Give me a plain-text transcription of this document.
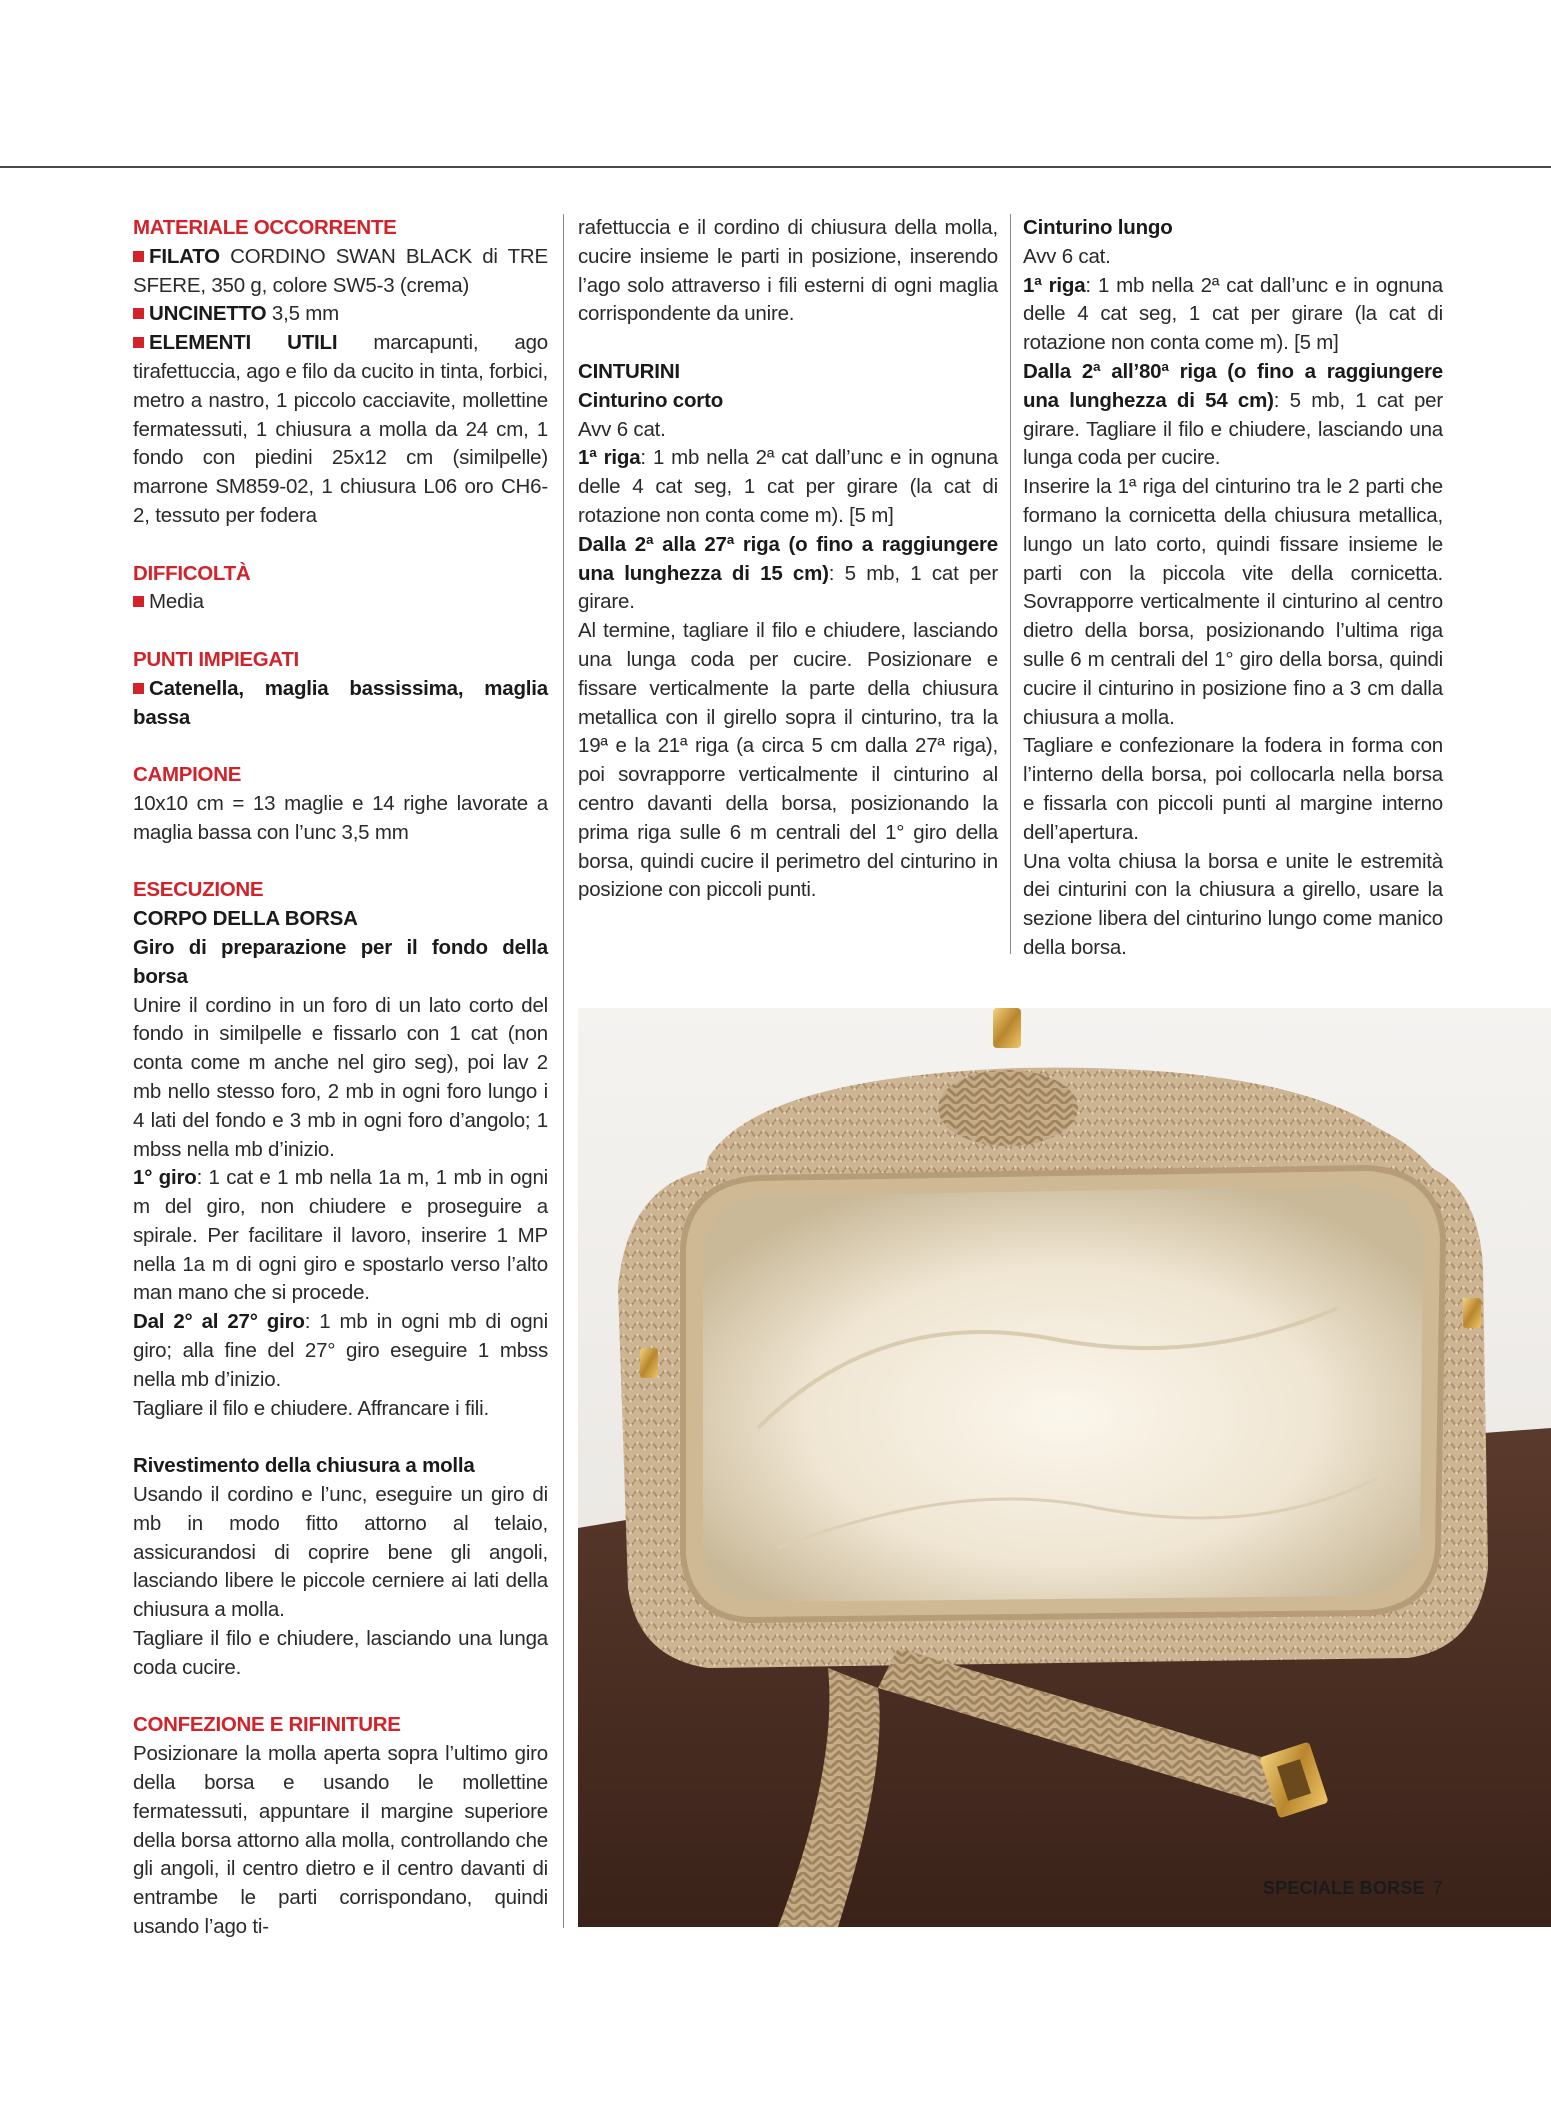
MATERIALE OCCORRENTE
FILATO CORDINO SWAN BLACK di TRE SFERE, 350 g, colore SW5-3 (crema)
UNCINETTO 3,5 mm
ELEMENTI UTILI marcapunti, ago tirafettuccia, ago e filo da cucito in tinta, forbici, metro a nastro, 1 piccolo cacciavite, mollettine fermatessuti, 1 chiusura a molla da 24 cm, 1 fondo con piedini 25x12 cm (similpelle) marrone SM859-02, 1 chiusura L06 oro CH6-2, tessuto per fodera
DIFFICOLTÀ
Media
PUNTI IMPIEGATI
Catenella, maglia bassissima, maglia bassa
CAMPIONE
10x10 cm = 13 maglie e 14 righe lavorate a maglia bassa con l’unc 3,5 mm
ESECUZIONE
CORPO DELLA BORSA
Giro di preparazione per il fondo della borsa
Unire il cordino in un foro di un lato corto del fondo in similpelle e fissarlo con 1 cat (non conta come m anche nel giro seg), poi lav 2 mb nello stesso foro, 2 mb in ogni foro lungo i 4 lati del fondo e 3 mb in ogni foro d’angolo; 1 mbss nella mb d’inizio.
1° giro: 1 cat e 1 mb nella 1a m, 1 mb in ogni m del giro, non chiudere e proseguire a spirale. Per facilitare il lavoro, inserire 1 MP nella 1a m di ogni giro e spostarlo verso l’alto man mano che si procede.
Dal 2° al 27° giro: 1 mb in ogni mb di ogni giro; alla fine del 27° giro eseguire 1 mbss nella mb d’inizio.
Tagliare il filo e chiudere. Affrancare i fili.
Rivestimento della chiusura a molla
Usando il cordino e l’unc, eseguire un giro di mb in modo fitto attorno al telaio, assicurandosi di coprire bene gli angoli, lasciando libere le piccole cerniere ai lati della chiusura a molla.
Tagliare il filo e chiudere, lasciando una lunga coda cucire.
CONFEZIONE E RIFINITURE
Posizionare la molla aperta sopra l’ultimo giro della borsa e usando le mollettine fermatessuti, appuntare il margine superiore della borsa attorno alla molla, controllando che gli angoli, il centro dietro e il centro davanti di entrambe le parti corrispondano, quindi usando l’ago ti-
rafettuccia e il cordino di chiusura della molla, cucire insieme le parti in posizione, inserendo l’ago solo attraverso i fili esterni di ogni maglia corrispondente da unire.
CINTURINI
Cinturino corto
Avv 6 cat.
1ª riga: 1 mb nella 2ª cat dall’unc e in ognuna delle 4 cat seg, 1 cat per girare (la cat di rotazione non conta come m). [5 m]
Dalla 2ª alla 27ª riga (o fino a raggiungere una lunghezza di 15 cm): 5 mb, 1 cat per girare.
Al termine, tagliare il filo e chiudere, lasciando una lunga coda per cucire. Posizionare e fissare verticalmente la parte della chiusura metallica con il girello sopra il cinturino, tra la 19ª e la 21ª riga (a circa 5 cm dalla 27ª riga), poi sovrapporre verticalmente il cinturino al centro davanti della borsa, posizionando la prima riga sulle 6 m centrali del 1° giro della borsa, quindi cucire il perimetro del cinturino in posizione con piccoli punti.
Cinturino lungo
Avv 6 cat.
1ª riga: 1 mb nella 2ª cat dall’unc e in ognuna delle 4 cat seg, 1 cat per girare (la cat di rotazione non conta come m). [5 m]
Dalla 2ª all’80ª riga (o fino a raggiungere una lunghezza di 54 cm): 5 mb, 1 cat per girare. Tagliare il filo e chiudere, lasciando una lunga coda per cucire.
Inserire la 1ª riga del cinturino tra le 2 parti che formano la cornicetta della chiusura metallica, lungo un lato corto, quindi fissare insieme le parti con la piccola vite della cornicetta. Sovrapporre verticalmente il cinturino al centro dietro della borsa, posizionando l’ultima riga sulle 6 m centrali del 1° giro della borsa, quindi cucire il cinturino in posizione fino a 3 cm dalla chiusura a molla.
Tagliare e confezionare la fodera in forma con l’interno della borsa, poi collocarla nella borsa e fissarla con piccoli punti al margine interno dell’apertura.
Una volta chiusa la borsa e unite le estremità dei cinturini con la chiusura a girello, usare la sezione libera del cinturino lungo come manico della borsa.
SPECIALE BORSE 7
